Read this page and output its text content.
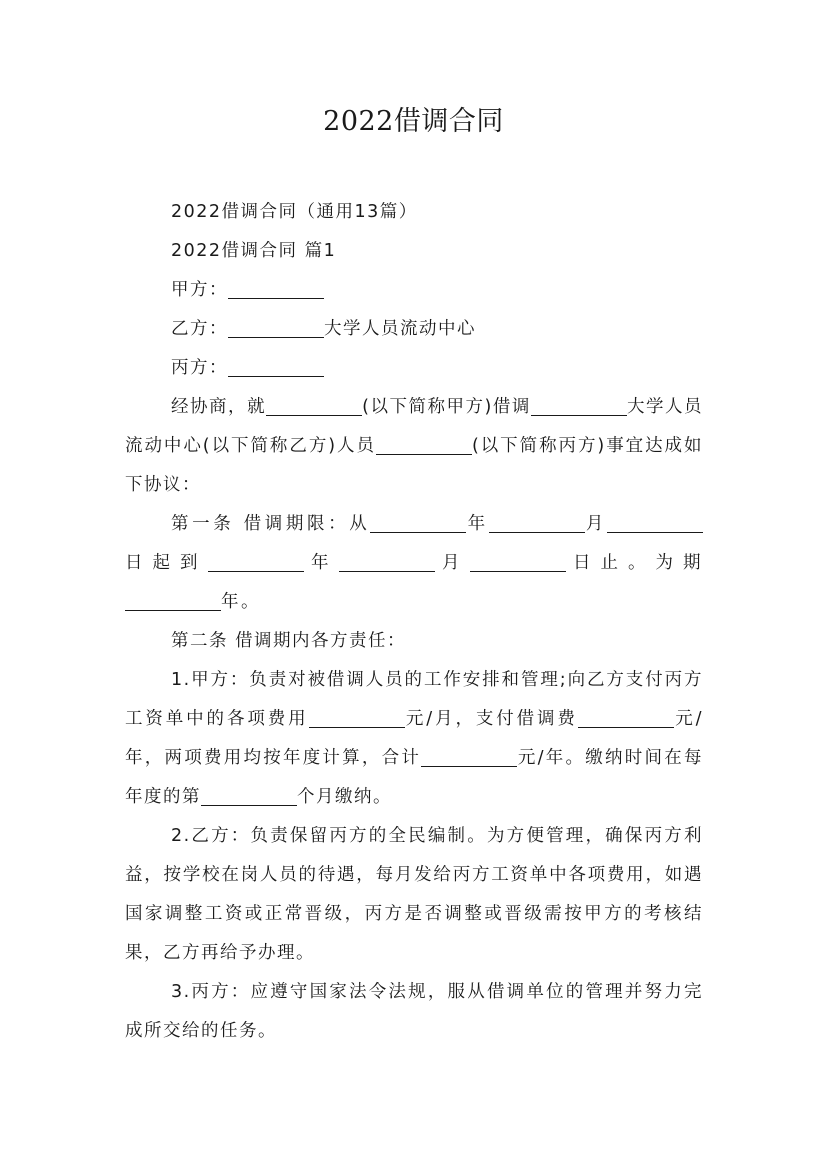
2022借调合同

2022借调合同（通用13篇）

2022借调合同 篇1

甲方：

乙方：	大学人员流动中心

丙方：

经协商，就	(以下简称甲方)借调	大学人员流动中心(以下简称乙方)人员	(以下简称丙方)事宜达成如下协议：

第一条 借调期限：从	年	月日起到	年	月	日止。为期年。

第二条 借调期内各方责任：

1.甲方：负责对被借调人员的工作安排和管理;向乙方支付丙方工资单中的各项费用	元/月，支付借调费	元/年，两项费用均按年度计算，合计	元/年。缴纳时间在每年度的第	个月缴纳。

2.乙方：负责保留丙方的全民编制。为方便管理，确保丙方利益，按学校在岗人员的待遇，每月发给丙方工资单中各项费用，如遇国家调整工资或正常晋级，丙方是否调整或晋级需按甲方的考核结果，乙方再给予办理。

3.丙方：应遵守国家法令法规，服从借调单位的管理并努力完成所交给的任务。
